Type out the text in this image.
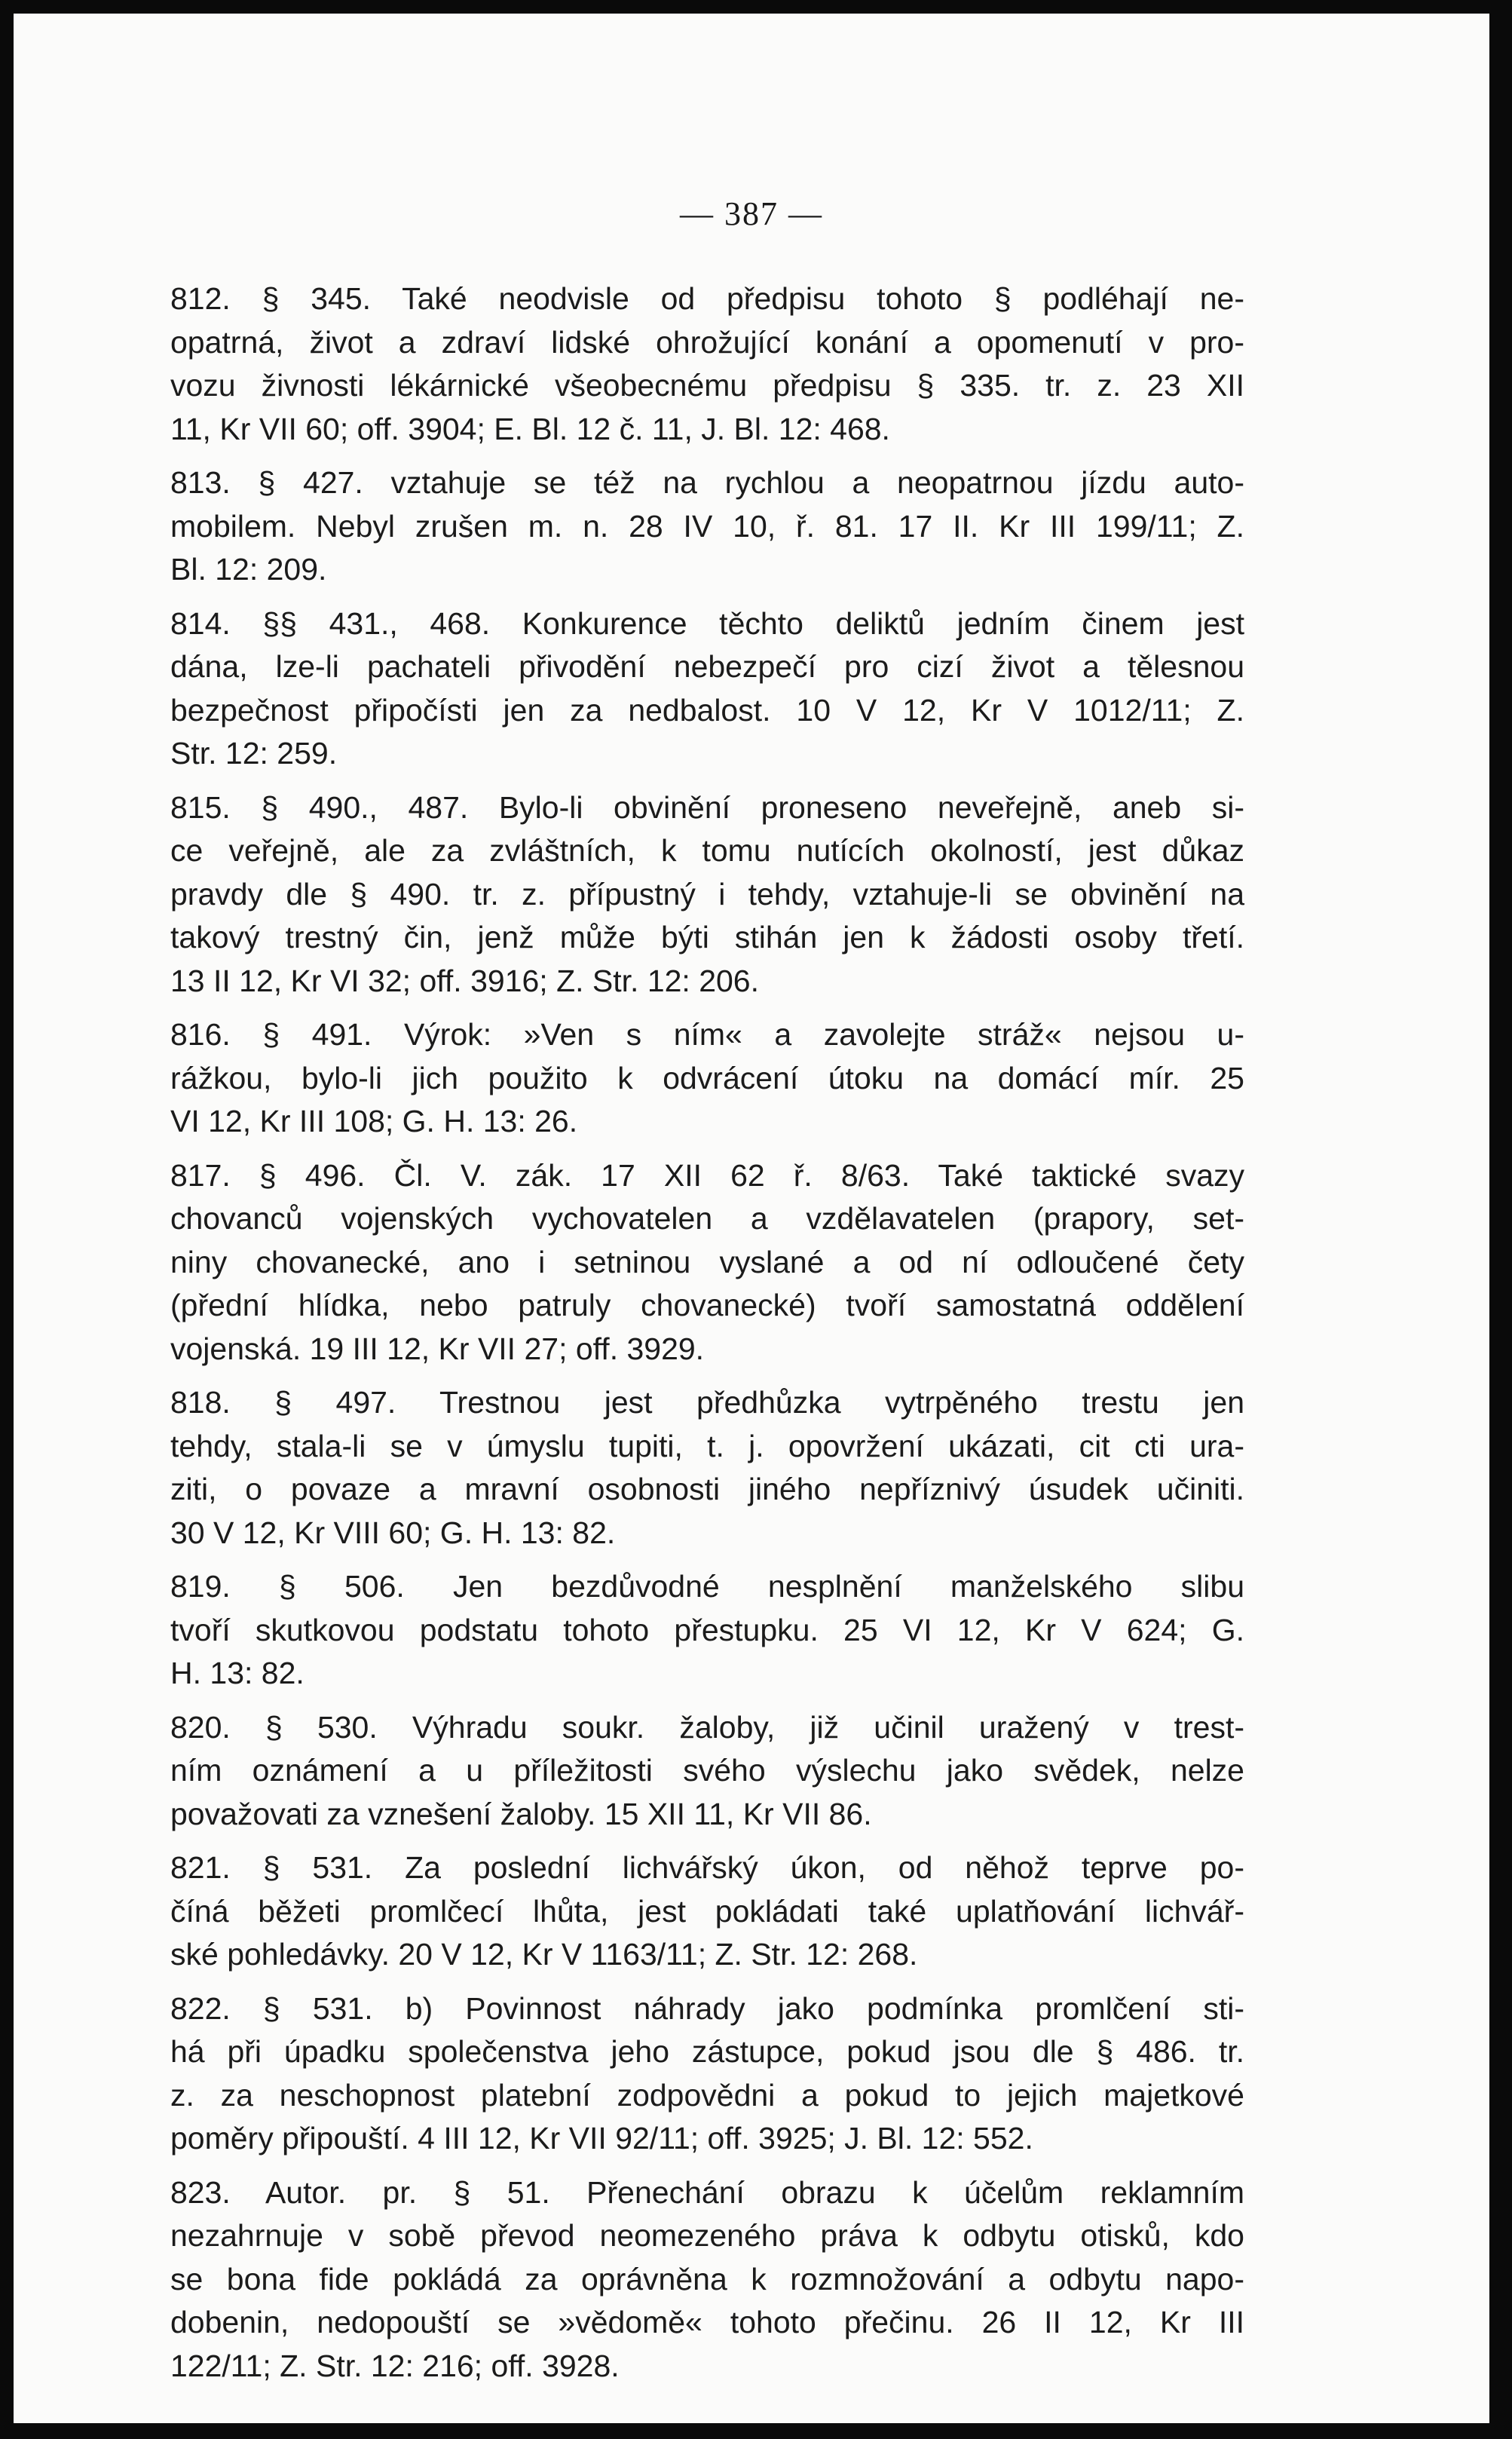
— 387 —
812. § 345. Také neodvisle od předpisu tohoto § podléhají ne-
opatrná, život a zdraví lidské ohrožující konání a opomenutí v pro-
vozu živnosti lékárnické všeobecnému předpisu § 335. tr. z. 23 XII
11, Kr VII 60; off. 3904; E. Bl. 12 č. 11, J. Bl. 12: 468.
813. § 427. vztahuje se též na rychlou a neopatrnou jízdu auto-
mobilem. Nebyl zrušen m. n. 28 IV 10, ř. 81. 17 II. Kr III 199/11; Z.
Bl. 12: 209.
814. §§ 431., 468. Konkurence těchto deliktů jedním činem jest
dána, lze-li pachateli přivodění nebezpečí pro cizí život a tělesnou
bezpečnost připočísti jen za nedbalost. 10 V 12, Kr V 1012/11; Z.
Str. 12: 259.
815. § 490., 487. Bylo-li obvinění proneseno neveřejně, aneb si-
ce veřejně, ale za zvláštních, k tomu nutících okolností, jest důkaz
pravdy dle § 490. tr. z. přípustný i tehdy, vztahuje-li se obvinění na
takový trestný čin, jenž může býti stihán jen k žádosti osoby třetí.
13 II 12, Kr VI 32; off. 3916; Z. Str. 12: 206.
816. § 491. Výrok: »Ven s ním« a zavolejte stráž« nejsou u-
rážkou, bylo-li jich použito k odvrácení útoku na domácí mír. 25
VI 12, Kr III 108; G. H. 13: 26.
817. § 496. Čl. V. zák. 17 XII 62 ř. 8/63. Také taktické svazy
chovanců vojenských vychovatelen a vzdělavatelen (prapory, set-
niny chovanecké, ano i setninou vyslané a od ní odloučené čety
(přední hlídka, nebo patruly chovanecké) tvoří samostatná oddělení
vojenská. 19 III 12, Kr VII 27; off. 3929.
818. § 497. Trestnou jest předhůzka vytrpěného trestu jen
tehdy, stala-li se v úmyslu tupiti, t. j. opovržení ukázati, cit cti ura-
ziti, o povaze a mravní osobnosti jiného nepříznivý úsudek učiniti.
30 V 12, Kr VIII 60; G. H. 13: 82.
819. § 506. Jen bezdůvodné nesplnění manželského slibu
tvoří skutkovou podstatu tohoto přestupku. 25 VI 12, Kr V 624; G.
H. 13: 82.
820. § 530. Výhradu soukr. žaloby, již učinil uražený v trest-
ním oznámení a u příležitosti svého výslechu jako svědek, nelze
považovati za vznešení žaloby. 15 XII 11, Kr VII 86.
821. § 531. Za poslední lichvářský úkon, od něhož teprve po-
číná běžeti promlčecí lhůta, jest pokládati také uplatňování lichvář-
ské pohledávky. 20 V 12, Kr V 1163/11; Z. Str. 12: 268.
822. § 531. b) Povinnost náhrady jako podmínka promlčení sti-
há při úpadku společenstva jeho zástupce, pokud jsou dle § 486. tr.
z. za neschopnost platební zodpovědni a pokud to jejich majetkové
poměry připouští. 4 III 12, Kr VII 92/11; off. 3925; J. Bl. 12: 552.
823. Autor. pr. § 51. Přenechání obrazu k účelům reklamním
nezahrnuje v sobě převod neomezeného práva k odbytu otisků, kdo
se bona fide pokládá za oprávněna k rozmnožování a odbytu napo-
dobenin, nedopouští se »vědomě« tohoto přečinu. 26 II 12, Kr III
122/11; Z. Str. 12: 216; off. 3928.
